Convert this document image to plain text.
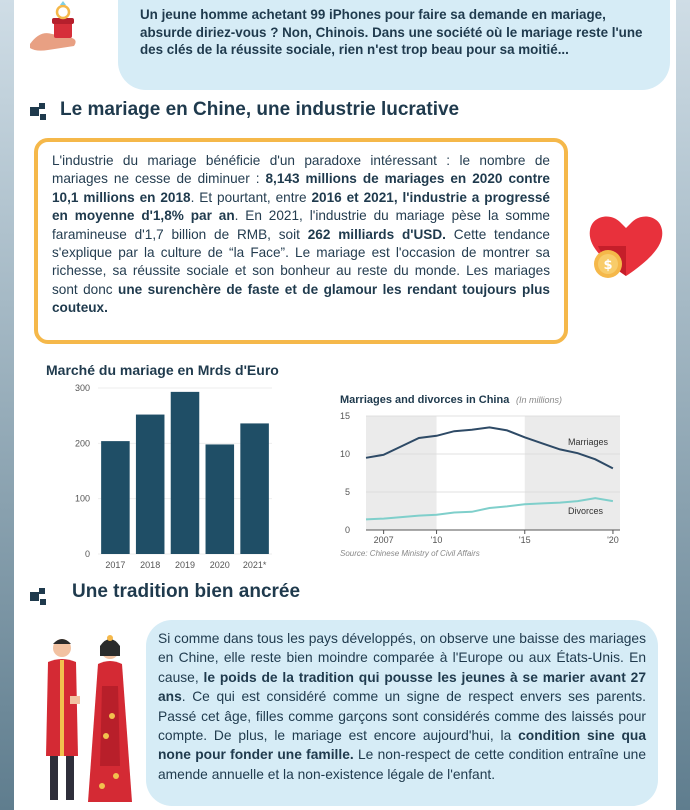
Un jeune homme achetant 99 iPhones pour faire sa demande en mariage, absurde diriez-vous ? Non, Chinois. Dans une société où le mariage reste l'une des clés de la réussite sociale, rien n'est trop beau pour sa moitié...
Le mariage en Chine, une industrie lucrative
L'industrie du mariage bénéficie d'un paradoxe intéressant : le nombre de mariages ne cesse de diminuer : 8,143 millions de mariages en 2020 contre 10,1 millions en 2018. Et pourtant, entre 2016 et 2021, l'industrie a progressé en moyenne d'1,8% par an. En 2021, l'industrie du mariage pèse la somme faramineuse d'1,7 billion de RMB, soit 262 milliards d'USD. Cette tendance s'explique par la culture de “la Face”. Le mariage est l'occasion de montrer sa richesse, sa réussite sociale et son bonheur au reste du monde. Les mariages sont donc une surenchère de faste et de glamour les rendant toujours plus couteux.
$
Marché du mariage en Mrds d'Euro
0
100
200
300
2017 2018 2019 2020 2021*
Marriages and divorces in China (In millions)
0
5
10
15
2007	'10	'15	'20
Marriages
Divorces
Source: Chinese Ministry of Civil Affairs
Une tradition bien ancrée
Si comme dans tous les pays développés, on observe une baisse des mariages en Chine, elle reste bien moindre comparée à l'Europe ou aux États-Unis. En cause, le poids de la tradition qui pousse les jeunes à se marier avant 27 ans. Ce qui est considéré comme un signe de respect envers ses parents. Passé cet âge, filles comme garçons sont considérés comme des laissés pour compte. De plus, le mariage est encore aujourd'hui, la condition sine qua none pour fonder une famille. Le non-respect de cette condition entraîne une amende annuelle et la non-existence légale de l'enfant.
